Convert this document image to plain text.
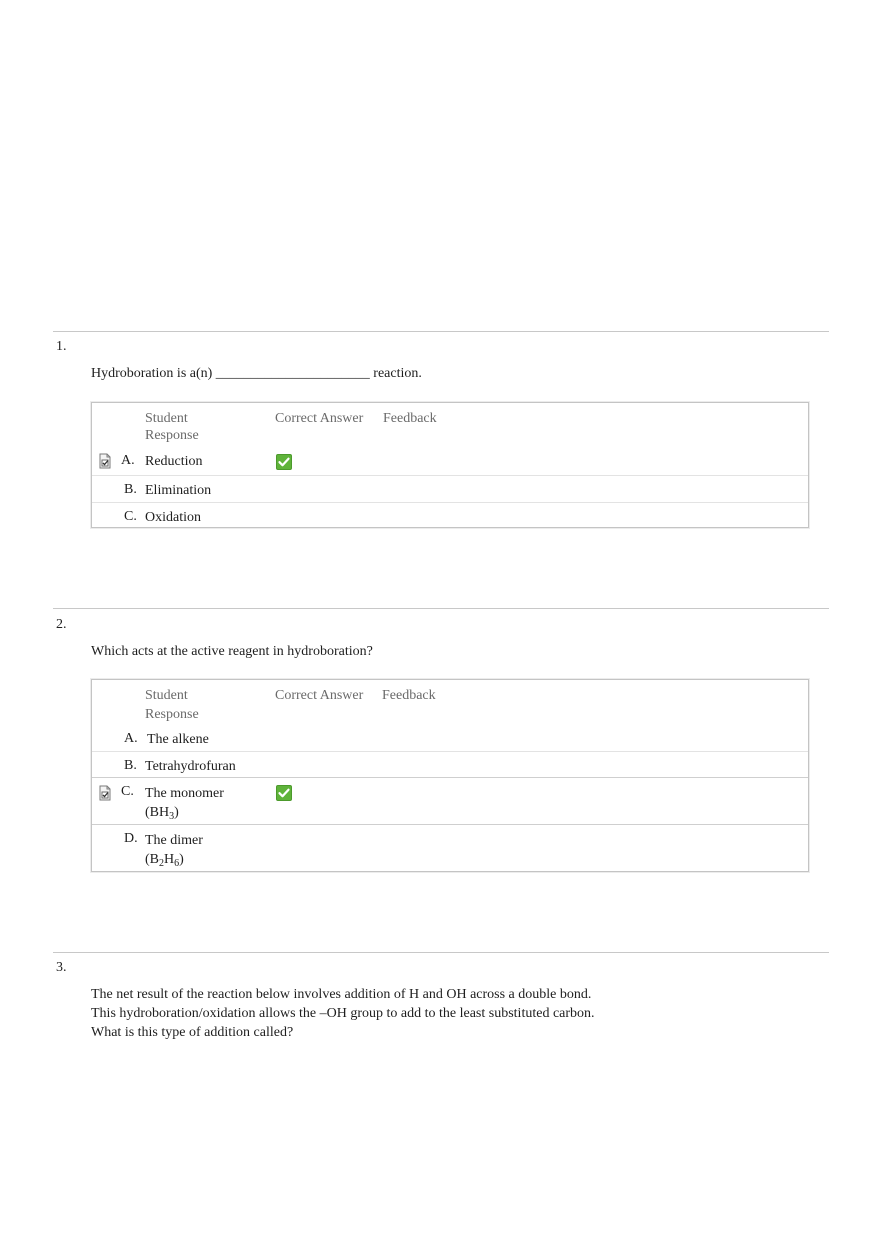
1.
Hydroboration is a(n) ______________________ reaction.
Student
Response
Correct Answer Feedback
A. Reduction
B. Elimination
C. Oxidation
2.
Which acts at the active reagent in hydroboration?
Student
Response
Correct Answer Feedback
A. The alkene
B. Tetrahydrofuran
C. The monomer
$(BH_3)$
D. The dimer
$(B_2H_6)$
3.
The net result of the reaction below involves addition of H and OH across a double bond.
This hydroboration/oxidation allows the –OH group to add to the least substituted carbon.
What is this type of addition called?
